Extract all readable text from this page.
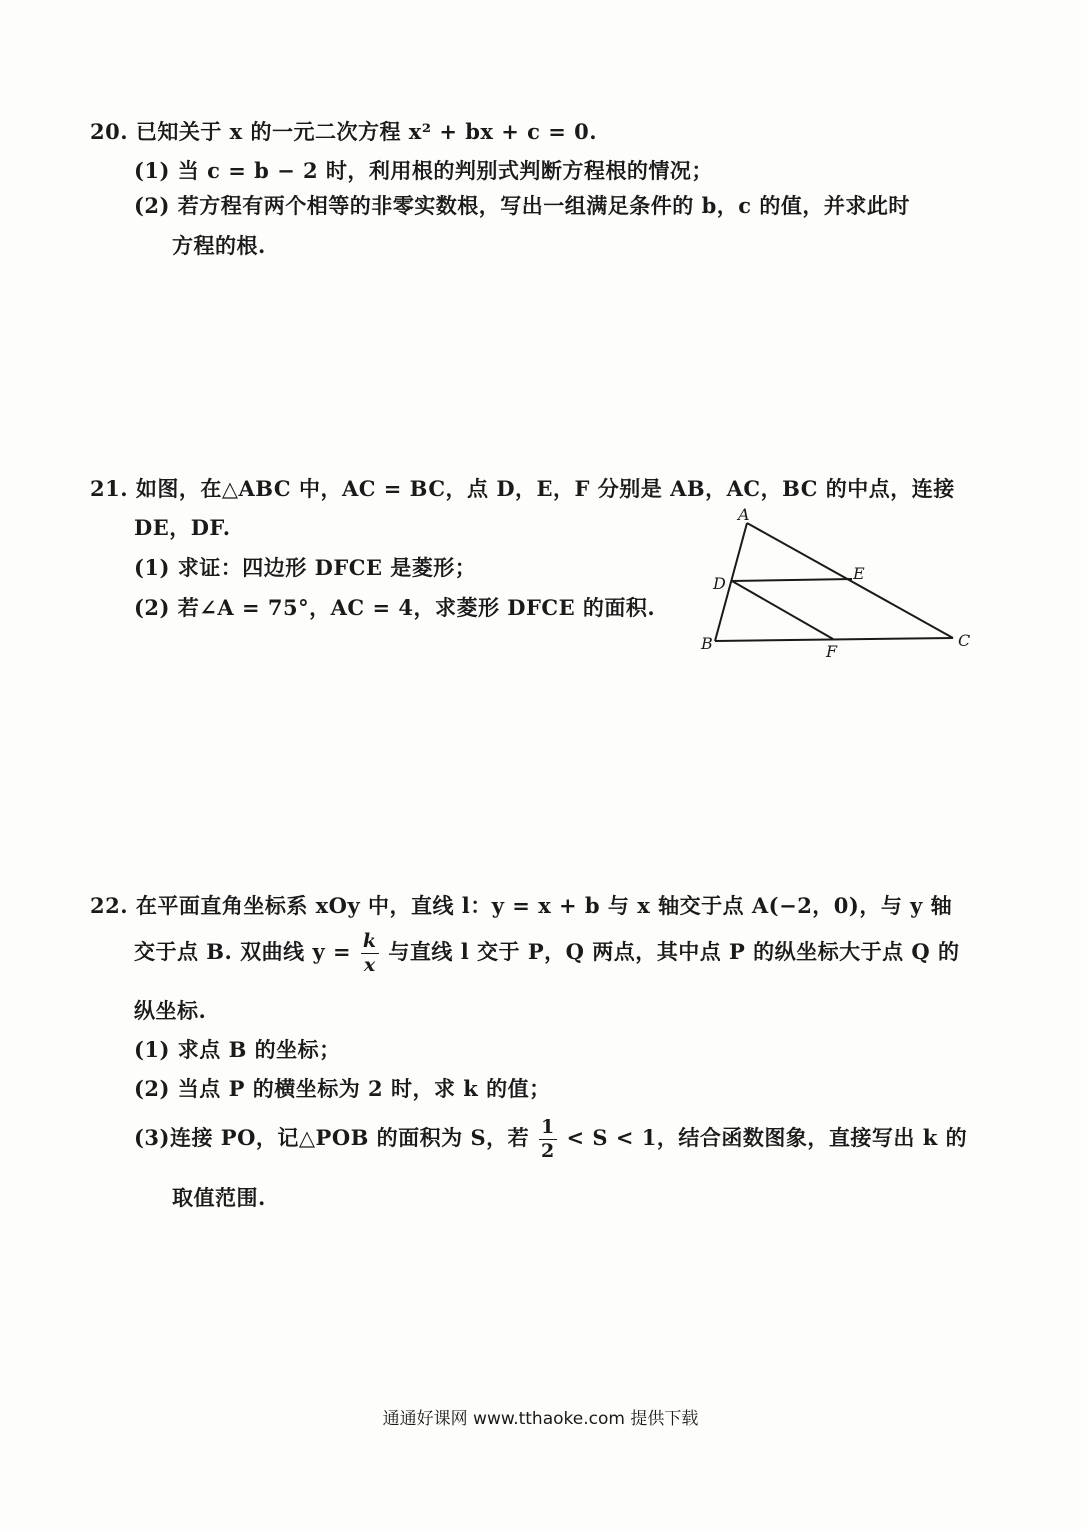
20. 已知关于 x 的一元二次方程 x² + bx + c = 0.
(1) 当 c = b − 2 时，利用根的判别式判断方程根的情况；
(2) 若方程有两个相等的非零实数根，写出一组满足条件的 b，c 的值，并求此时
方程的根.
21. 如图，在△ABC 中，AC = BC，点 D，E，F 分别是 AB，AC，BC 的中点，连接
DE，DF.
(1) 求证：四边形 DFCE 是菱形；
(2) 若∠A = 75°，AC = 4，求菱形 DFCE 的面积.
A
B	C
D
E
F
22. 在平面直角坐标系 xOy 中，直线 l：y = x + b 与 x 轴交于点 A(−2，0)，与 y 轴
交于点 B. 双曲线 $y = \frac{k}{x}$ 与直线 l 交于 P，Q 两点，其中点 P 的纵坐标大于点 Q 的
纵坐标.
(1) 求点 B 的坐标；
(2) 当点 P 的横坐标为 2 时，求 k 的值；
(3)连接 PO，记△POB 的面积为 S，若 $\frac{1}{2} < S < 1$，结合函数图象，直接写出 k 的
取值范围.
通通好课网 www.tthaoke.com 提供下载
